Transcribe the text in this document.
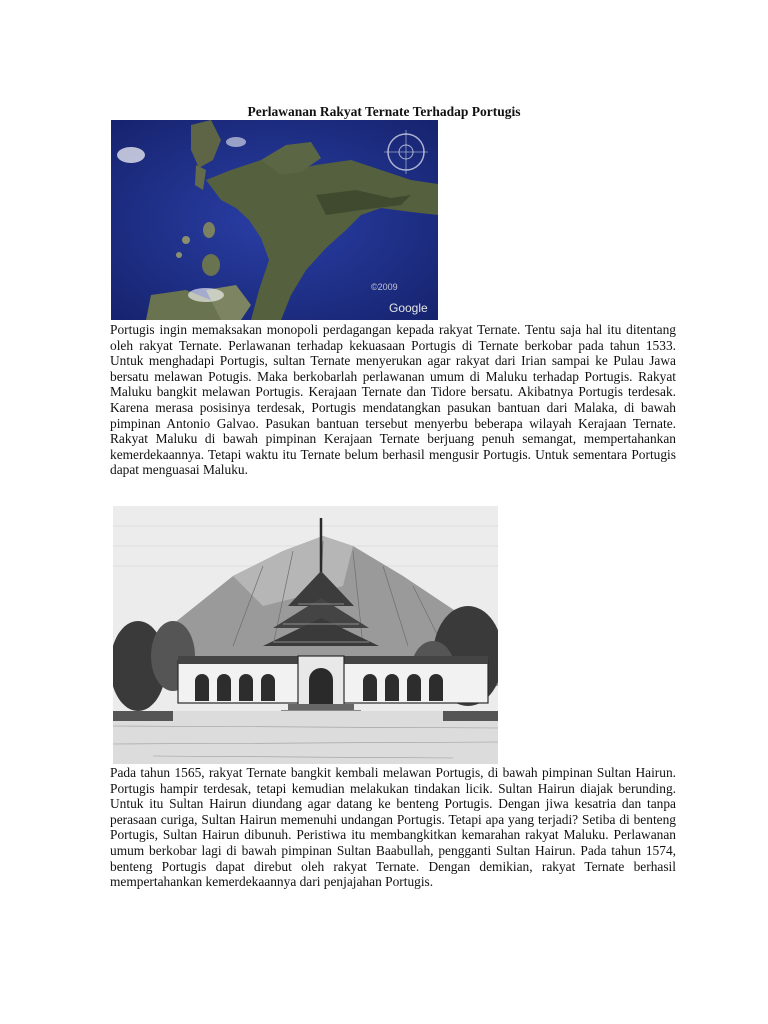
Perlawanan Rakyat Ternate Terhadap Portugis
©2009
Google

Portugis ingin memaksakan monopoli perdagangan kepada rakyat Ternate. Tentu saja hal itu ditentang oleh rakyat Ternate. Perlawanan terhadap kekuasaan Portugis di Ternate berkobar pada tahun 1533. Untuk menghadapi Portugis, sultan Ternate menyerukan agar rakyat dari Irian sampai ke Pulau Jawa bersatu melawan Potugis. Maka berkobarlah perlawanan umum di Maluku terhadap Portugis. Rakyat Maluku bangkit melawan Portugis. Kerajaan Ternate dan Tidore bersatu. Akibatnya Portugis terdesak. Karena merasa posisinya terdesak, Portugis mendatangkan pasukan bantuan dari Malaka, di bawah pimpinan Antonio Galvao. Pasukan bantuan tersebut menyerbu beberapa wilayah Kerajaan Ternate. Rakyat Maluku di bawah pimpinan Kerajaan Ternate berjuang penuh semangat, mempertahankan kemerdekaannya. Tetapi waktu itu Ternate belum berhasil mengusir Portugis. Untuk sementara Portugis dapat menguasai Maluku.

Pada tahun 1565, rakyat Ternate bangkit kembali melawan Portugis, di bawah pimpinan Sultan Hairun. Portugis hampir terdesak, tetapi kemudian melakukan tindakan licik. Sultan Hairun diajak berunding. Untuk itu Sultan Hairun diundang agar datang ke benteng Portugis. Dengan jiwa kesatria dan tanpa perasaan curiga, Sultan Hairun memenuhi undangan Portugis. Tetapi apa yang terjadi? Setiba di benteng Portugis, Sultan Hairun dibunuh. Peristiwa itu membangkitkan kemarahan rakyat Maluku. Perlawanan umum berkobar lagi di bawah pimpinan Sultan Baabullah, pengganti Sultan Hairun. Pada tahun 1574, benteng Portugis dapat direbut oleh rakyat Ternate. Dengan demikian, rakyat Ternate berhasil mempertahankan kemerdekaannya dari penjajahan Portugis.
